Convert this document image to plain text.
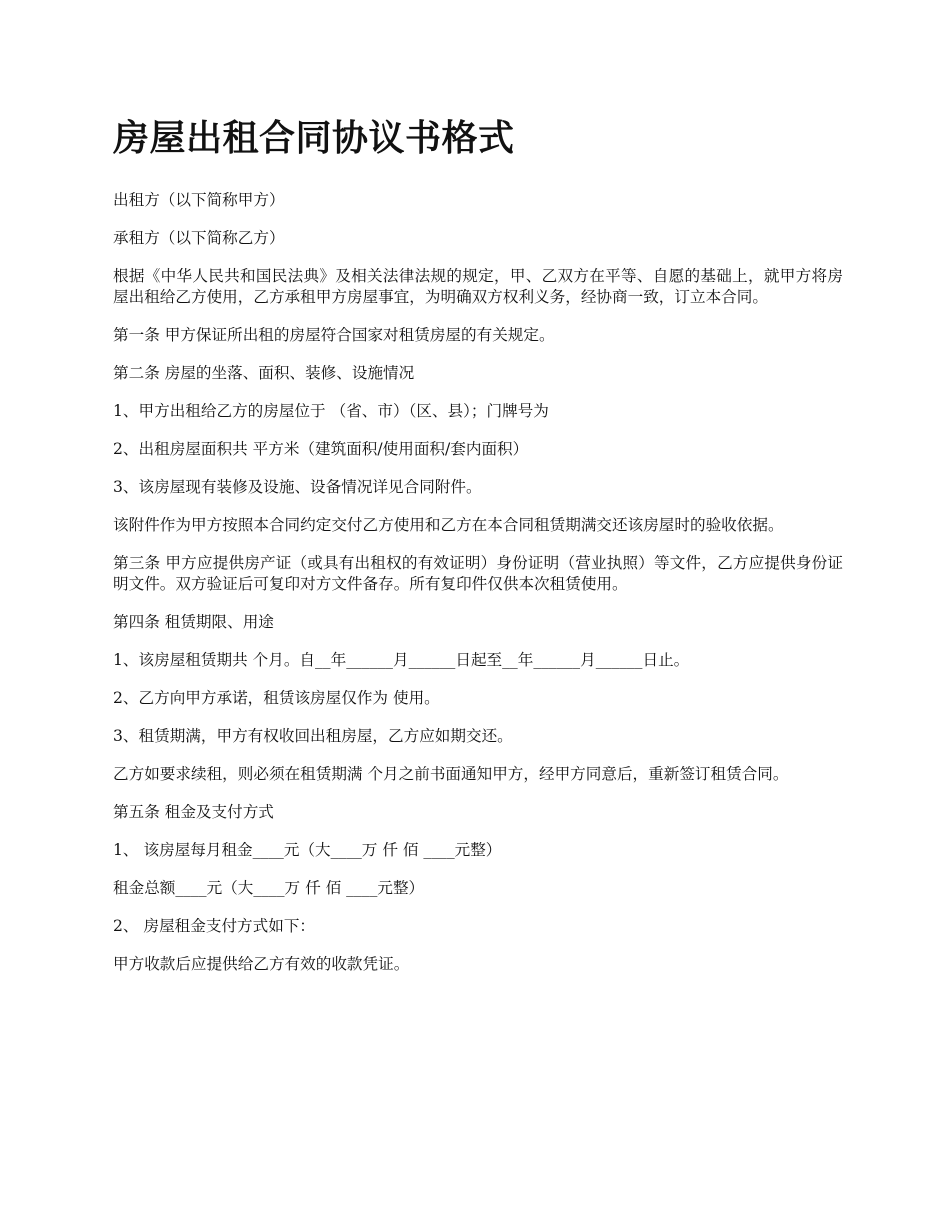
房屋出租合同协议书格式

出租方（以下简称甲方）

承租方（以下简称乙方）

根据《中华人民共和国民法典》及相关法律法规的规定，甲、乙双方在平等、自愿的基础上，就甲方将房屋出租给乙方使用，乙方承租甲方房屋事宜，为明确双方权利义务，经协商一致，订立本合同。

第一条 甲方保证所出租的房屋符合国家对租赁房屋的有关规定。

第二条 房屋的坐落、面积、装修、设施情况

1、甲方出租给乙方的房屋位于 （省、市）（区、县）；门牌号为

2、出租房屋面积共 平方米（建筑面积/使用面积/套内面积）

3、该房屋现有装修及设施、设备情况详见合同附件。

该附件作为甲方按照本合同约定交付乙方使用和乙方在本合同租赁期满交还该房屋时的验收依据。

第三条 甲方应提供房产证（或具有出租权的有效证明）身份证明（营业执照）等文件，乙方应提供身份证明文件。双方验证后可复印对方文件备存。所有复印件仅供本次租赁使用。

第四条 租赁期限、用途

1、该房屋租赁期共 个月。自__年______月______日起至__年______月______日止。

2、乙方向甲方承诺，租赁该房屋仅作为 使用。

3、租赁期满，甲方有权收回出租房屋，乙方应如期交还。

乙方如要求续租，则必须在租赁期满 个月之前书面通知甲方，经甲方同意后，重新签订租赁合同。

第五条 租金及支付方式

1、 该房屋每月租金____元（大____万 仟 佰 ____元整）

租金总额____元（大____万 仟 佰 ____元整）

2、 房屋租金支付方式如下：

甲方收款后应提供给乙方有效的收款凭证。
